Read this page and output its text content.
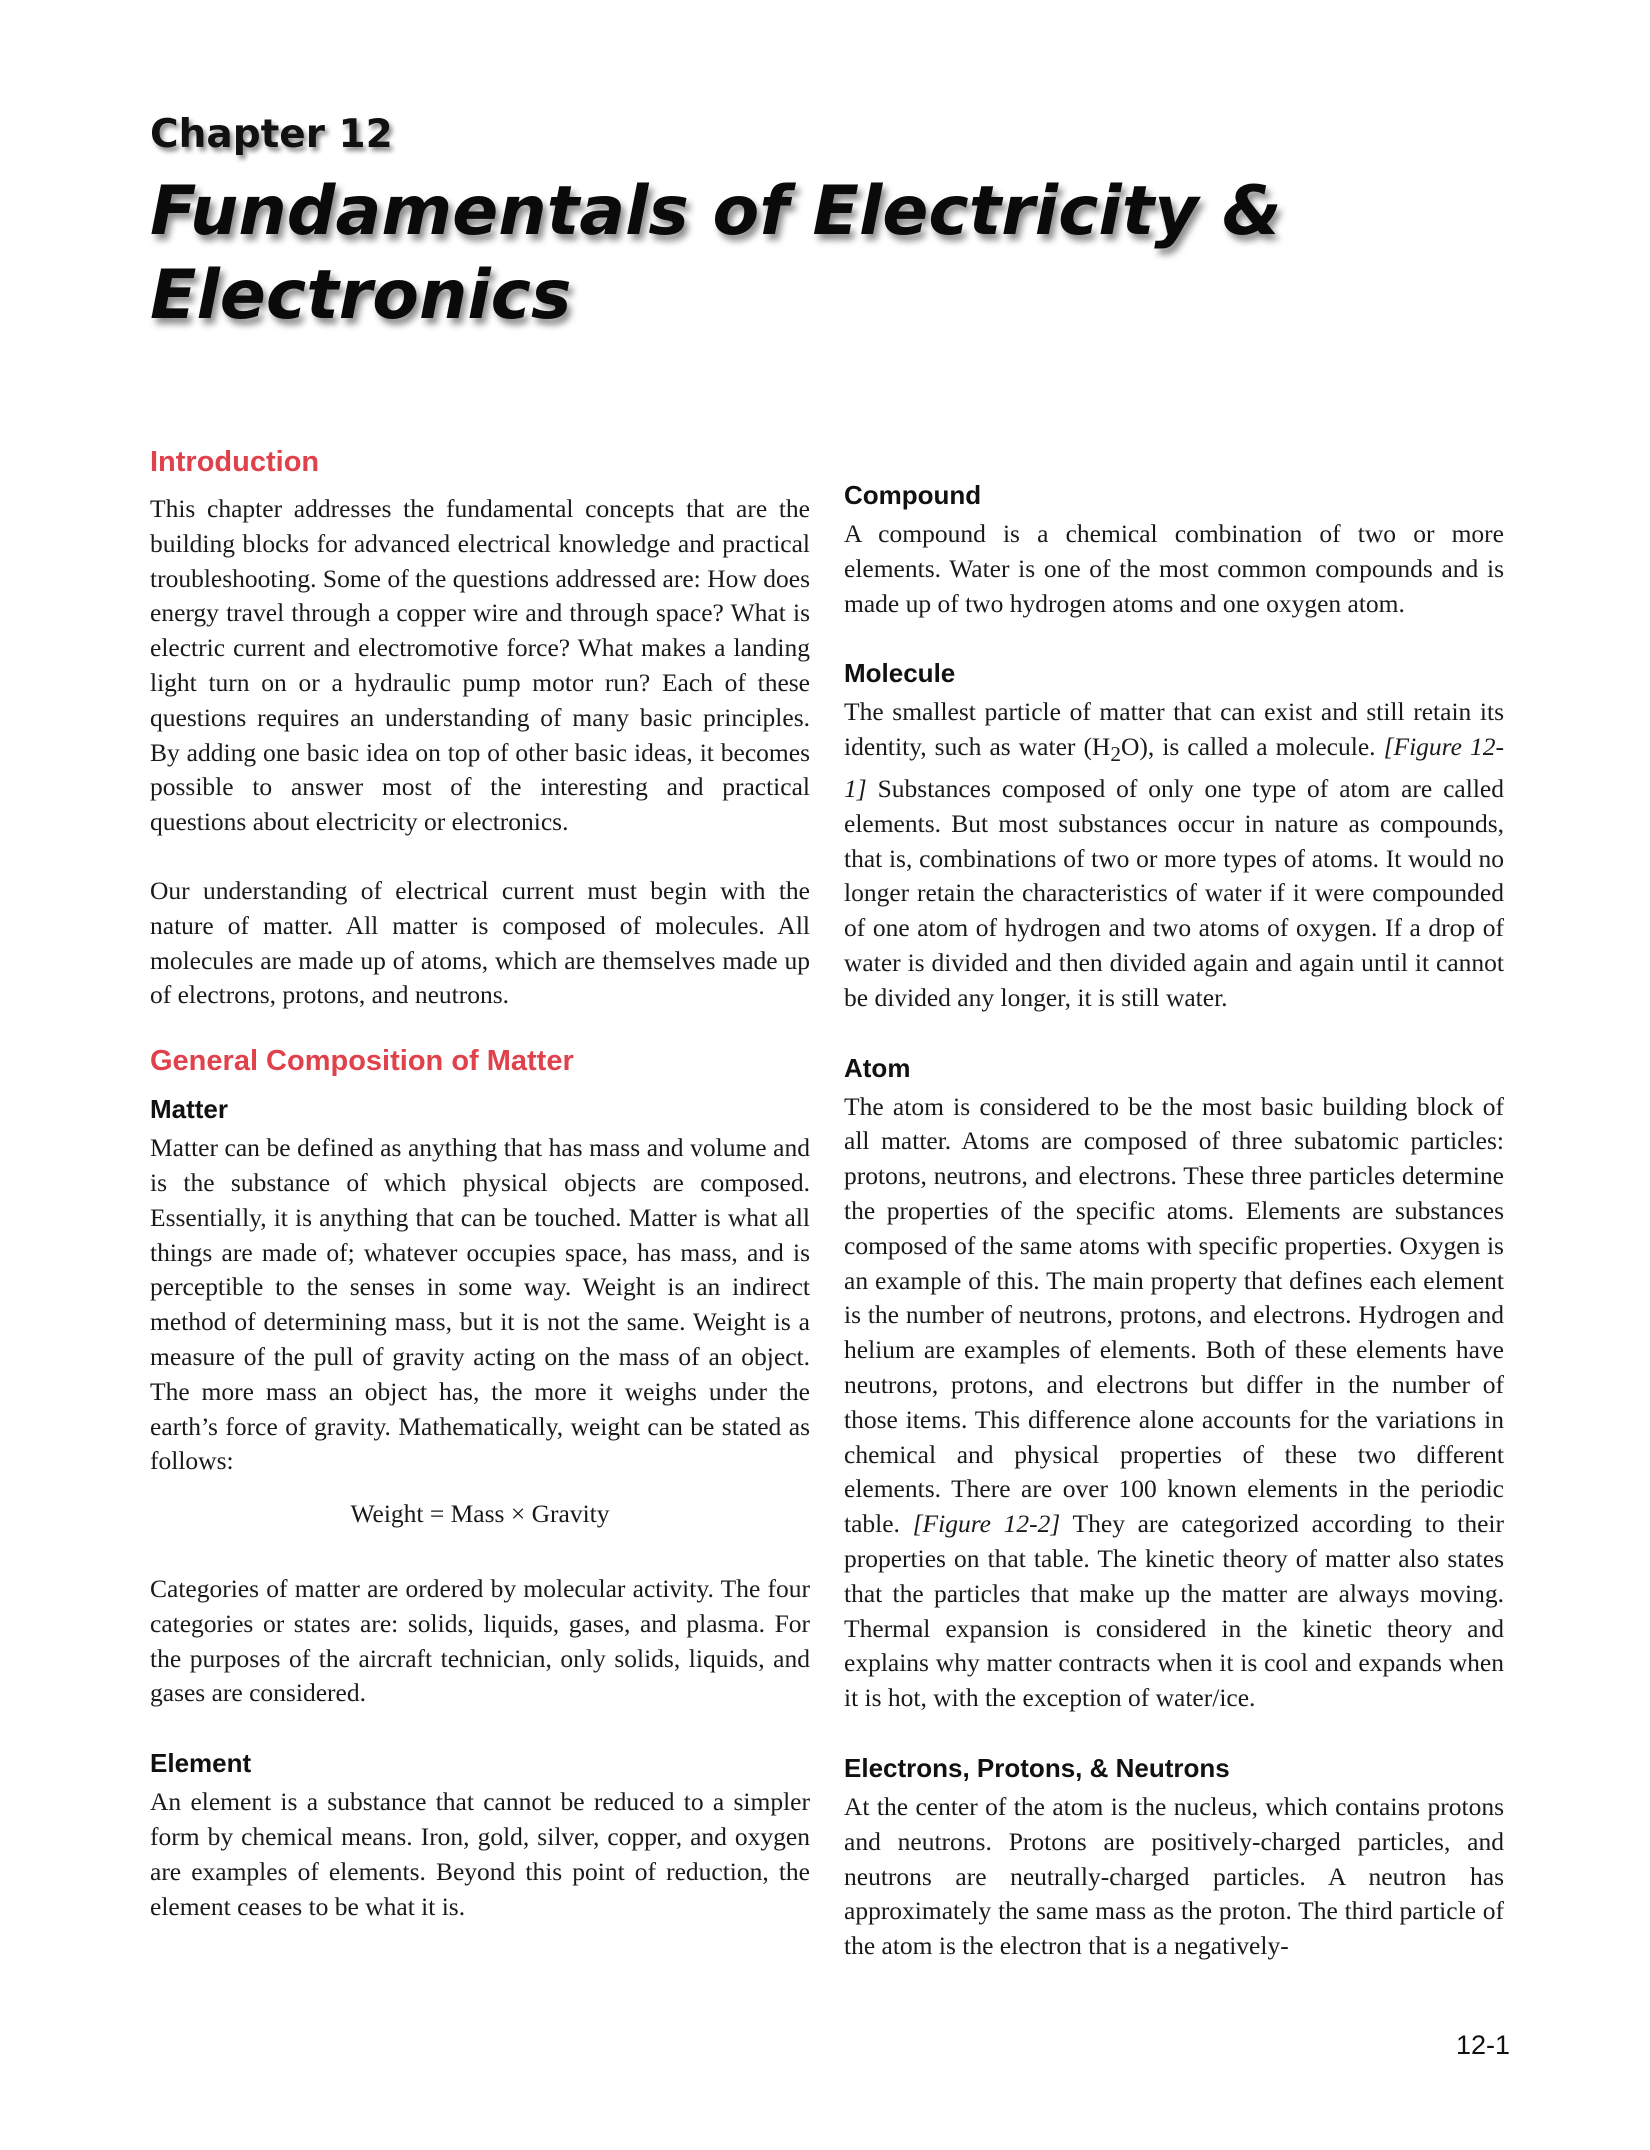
Chapter 12
Fundamentals of Electricity & Electronics
Introduction

This chapter addresses the fundamental concepts that are the building blocks for advanced electrical knowledge and practical troubleshooting. Some of the questions addressed are: How does energy travel through a copper wire and through space? What is electric current and electromotive force? What makes a landing light turn on or a hydraulic pump motor run? Each of these questions requires an understanding of many basic principles. By adding one basic idea on top of other basic ideas, it becomes possible to answer most of the interesting and practical questions about electricity or electronics.

Our understanding of electrical current must begin with the nature of matter. All matter is composed of molecules. All molecules are made up of atoms, which are themselves made up of electrons, protons, and neutrons.

General Composition of Matter
Matter

Matter can be defined as anything that has mass and volume and is the substance of which physical objects are composed. Essentially, it is anything that can be touched. Matter is what all things are made of; whatever occupies space, has mass, and is perceptible to the senses in some way. Weight is an indirect method of determining mass, but it is not the same. Weight is a measure of the pull of gravity acting on the mass of an object. The more mass an object has, the more it weighs under the earth’s force of gravity. Mathematically, weight can be stated as follows:

Weight = Mass × Gravity

Categories of matter are ordered by molecular activity. The four categories or states are: solids, liquids, gases, and plasma. For the purposes of the aircraft technician, only solids, liquids, and gases are considered.

Element

An element is a substance that cannot be reduced to a simpler form by chemical means. Iron, gold, silver, copper, and oxygen are examples of elements. Beyond this point of reduction, the element ceases to be what it is.

Compound

A compound is a chemical combination of two or more elements. Water is one of the most common compounds and is made up of two hydrogen atoms and one oxygen atom.

Molecule

The smallest particle of matter that can exist and still retain its identity, such as water $(H_2O)$, is called a molecule. [Figure 12-1] Substances composed of only one type of atom are called elements. But most substances occur in nature as compounds, that is, combinations of two or more types of atoms. It would no longer retain the characteristics of water if it were compounded of one atom of hydrogen and two atoms of oxygen. If a drop of water is divided and then divided again and again until it cannot be divided any longer, it is still water.

Atom

The atom is considered to be the most basic building block of all matter. Atoms are composed of three subatomic particles: protons, neutrons, and electrons. These three particles determine the properties of the specific atoms. Elements are substances composed of the same atoms with specific properties. Oxygen is an example of this. The main property that defines each element is the number of neutrons, protons, and electrons. Hydrogen and helium are examples of elements. Both of these elements have neutrons, protons, and electrons but differ in the number of those items. This difference alone accounts for the variations in chemical and physical properties of these two different elements. There are over 100 known elements in the periodic table. [Figure 12-2] They are categorized according to their properties on that table. The kinetic theory of matter also states that the particles that make up the matter are always moving. Thermal expansion is considered in the kinetic theory and explains why matter contracts when it is cool and expands when it is hot, with the exception of water/ice.

Electrons, Protons, & Neutrons

At the center of the atom is the nucleus, which contains protons and neutrons. Protons are positively-charged particles, and neutrons are neutrally-charged particles. A neutron has approximately the same mass as the proton. The third particle of the atom is the electron that is a negatively-

12-1
